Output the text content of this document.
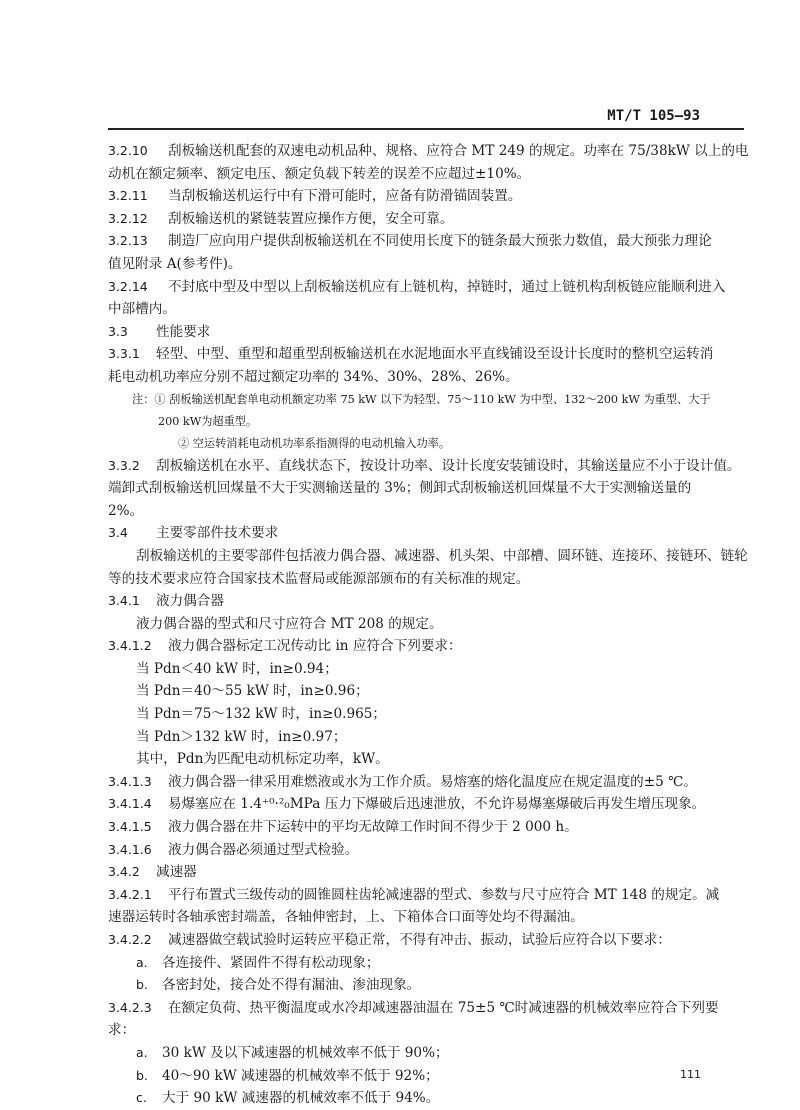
MT/T 105—93
3.2.10 刮板输送机配套的双速电动机品种、规格、应符合 MT 249 的规定。功率在 75/38kW 以上的电
动机在额定频率、额定电压、额定负载下转差的误差不应超过±10%。
3.2.11 当刮板输送机运行中有下滑可能时，应备有防滑锚固装置。
3.2.12 刮板输送机的紧链装置应操作方便，安全可靠。
3.2.13 制造厂应向用户提供刮板输送机在不同使用长度下的链条最大预张力数值，最大预张力理论
值见附录 A(参考件)。
3.2.14 不封底中型及中型以上刮板输送机应有上链机构，掉链时，通过上链机构刮板链应能顺利进入
中部槽内。
3.3 性能要求
3.3.1 轻型、中型、重型和超重型刮板输送机在水泥地面水平直线铺设至设计长度时的整机空运转消
耗电动机功率应分别不超过额定功率的 34%、30%、28%、26%。
注：① 刮板输送机配套单电动机额定功率 75 kW 以下为轻型、75～110 kW 为中型、132～200 kW 为重型、大于
200 kW为超重型。
② 空运转消耗电动机功率系指测得的电动机输入功率。
3.3.2 刮板输送机在水平、直线状态下，按设计功率、设计长度安装铺设时，其输送量应不小于设计值。
端卸式刮板输送机回煤量不大于实测输送量的 3%；侧卸式刮板输送机回煤量不大于实测输送量的
2%。
3.4 主要零部件技术要求
刮板输送机的主要零部件包括液力偶合器、减速器、机头架、中部槽、圆环链、连接环、接链环、链轮
等的技术要求应符合国家技术监督局或能源部颁布的有关标准的规定。
3.4.1 液力偶合器
液力偶合器的型式和尺寸应符合 MT 208 的规定。
3.4.1.2 液力偶合器标定工况传动比 in 应符合下列要求：
当 Pdn＜40 kW 时，in≥0.94；
当 Pdn＝40～55 kW 时，in≥0.96；
当 Pdn＝75～132 kW 时，in≥0.965；
当 Pdn＞132 kW 时，in≥0.97；
其中，Pdn为匹配电动机标定功率，kW。
3.4.1.3 液力偶合器一律采用难燃液或水为工作介质。易熔塞的熔化温度应在规定温度的±5 ℃。
3.4.1.4 易爆塞应在 1.4⁺⁰·²₀MPa 压力下爆破后迅速泄放，不允许易爆塞爆破后再发生增压现象。
3.4.1.5 液力偶合器在井下运转中的平均无故障工作时间不得少于 2 000 h。
3.4.1.6 液力偶合器必须通过型式检验。
3.4.2 减速器
3.4.2.1 平行布置式三级传动的圆锥圆柱齿轮减速器的型式、参数与尺寸应符合 MT 148 的规定。减
速器运转时各轴承密封端盖，各轴伸密封，上、下箱体合口面等处均不得漏油。
3.4.2.2 减速器做空载试验时运转应平稳正常，不得有冲击、振动，试验后应符合以下要求：
a. 各连接件、紧固件不得有松动现象；
b. 各密封处，接合处不得有漏油、渗油现象。
3.4.2.3 在额定负荷、热平衡温度或水冷却减速器油温在 75±5 ℃时减速器的机械效率应符合下列要
求：
a. 30 kW 及以下减速器的机械效率不低于 90%；
b. 40～90 kW 减速器的机械效率不低于 92%；
c. 大于 90 kW 减速器的机械效率不低于 94%。
111
